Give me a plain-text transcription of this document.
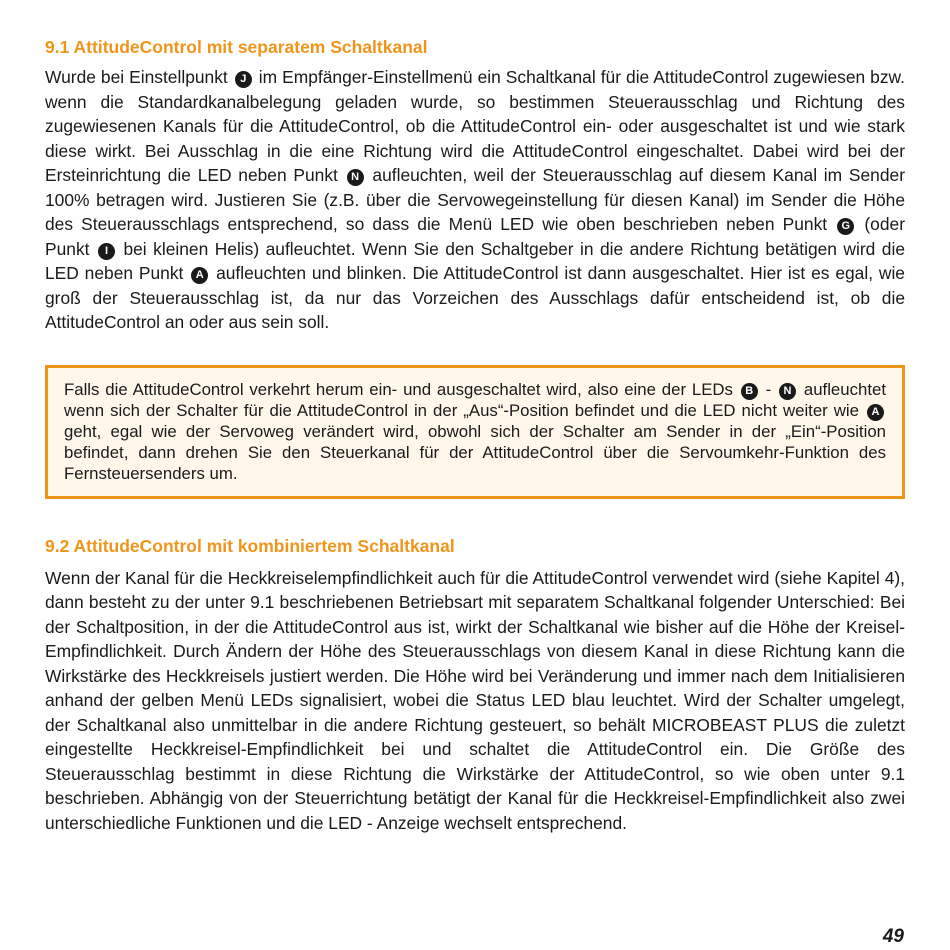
9.1 AttitudeControl mit separatem Schaltkanal

Wurde bei Einstellpunkt J im Empfänger-Einstellmenü ein Schaltkanal für die AttitudeControl zugewiesen bzw. wenn die Standardkanalbelegung geladen wurde, so bestimmen Steuerausschlag und Richtung des zugewiesenen Kanals für die AttitudeControl, ob die AttitudeControl ein- oder ausgeschaltet ist und wie stark diese wirkt. Bei Ausschlag in die eine Richtung wird die AttitudeControl eingeschaltet. Dabei wird bei der Ersteinrichtung die LED neben Punkt N aufleuchten, weil der Steuerausschlag auf diesem Kanal im Sender 100% betragen wird. Justieren Sie (z.B. über die Servowegeinstellung für diesen Kanal) im Sender die Höhe des Steuerausschlags entsprechend, so dass die Menü LED wie oben beschrieben neben Punkt G (oder Punkt I bei kleinen Helis) aufleuchtet. Wenn Sie den Schaltgeber in die andere Richtung betätigen wird die LED neben Punkt A aufleuchten und blinken. Die AttitudeControl ist dann ausgeschaltet. Hier ist es egal, wie groß der Steuerausschlag ist, da nur das Vorzeichen des Ausschlags dafür entscheidend ist, ob die AttitudeControl an oder aus sein soll.

Falls die AttitudeControl verkehrt herum ein- und ausgeschaltet wird, also eine der LEDs B - N aufleuchtet wenn sich der Schalter für die AttitudeControl in der „Aus“-Position befindet und die LED nicht weiter wie A geht, egal wie der Servoweg verändert wird, obwohl sich der Schalter am Sender in der „Ein“-Position befindet, dann drehen Sie den Steuerkanal für der AttitudeControl über die Servoumkehr-Funktion des Fernsteuersenders um.

9.2 AttitudeControl mit kombiniertem Schaltkanal

Wenn der Kanal für die Heckkreiselempfindlichkeit auch für die AttitudeControl verwendet wird (siehe Kapitel 4), dann besteht zu der unter 9.1 beschriebenen Betriebsart mit separatem Schaltkanal folgender Unterschied: Bei der Schaltposition, in der die AttitudeControl aus ist, wirkt der Schaltkanal wie bisher auf die Höhe der Kreisel-Empfindlichkeit. Durch Ändern der Höhe des Steuerausschlags von diesem Kanal in diese Richtung kann die Wirkstärke des Heckkreisels justiert werden. Die Höhe wird bei Veränderung und immer nach dem Initialisieren anhand der gelben Menü LEDs signalisiert, wobei die Status LED blau leuchtet. Wird der Schalter umgelegt, der Schaltkanal also unmittelbar in die andere Richtung gesteuert, so behält MICROBEAST PLUS die zuletzt eingestellte Heckkreisel-Empfindlichkeit bei und schaltet die AttitudeControl ein. Die Größe des Steuerausschlag bestimmt in diese Richtung die Wirkstärke der AttitudeControl, so wie oben unter 9.1 beschrieben. Abhängig von der Steuerrichtung betätigt der Kanal für die Heckkreisel-Empfindlichkeit also zwei unterschiedliche Funktionen und die LED - Anzeige wechselt entsprechend.

49
